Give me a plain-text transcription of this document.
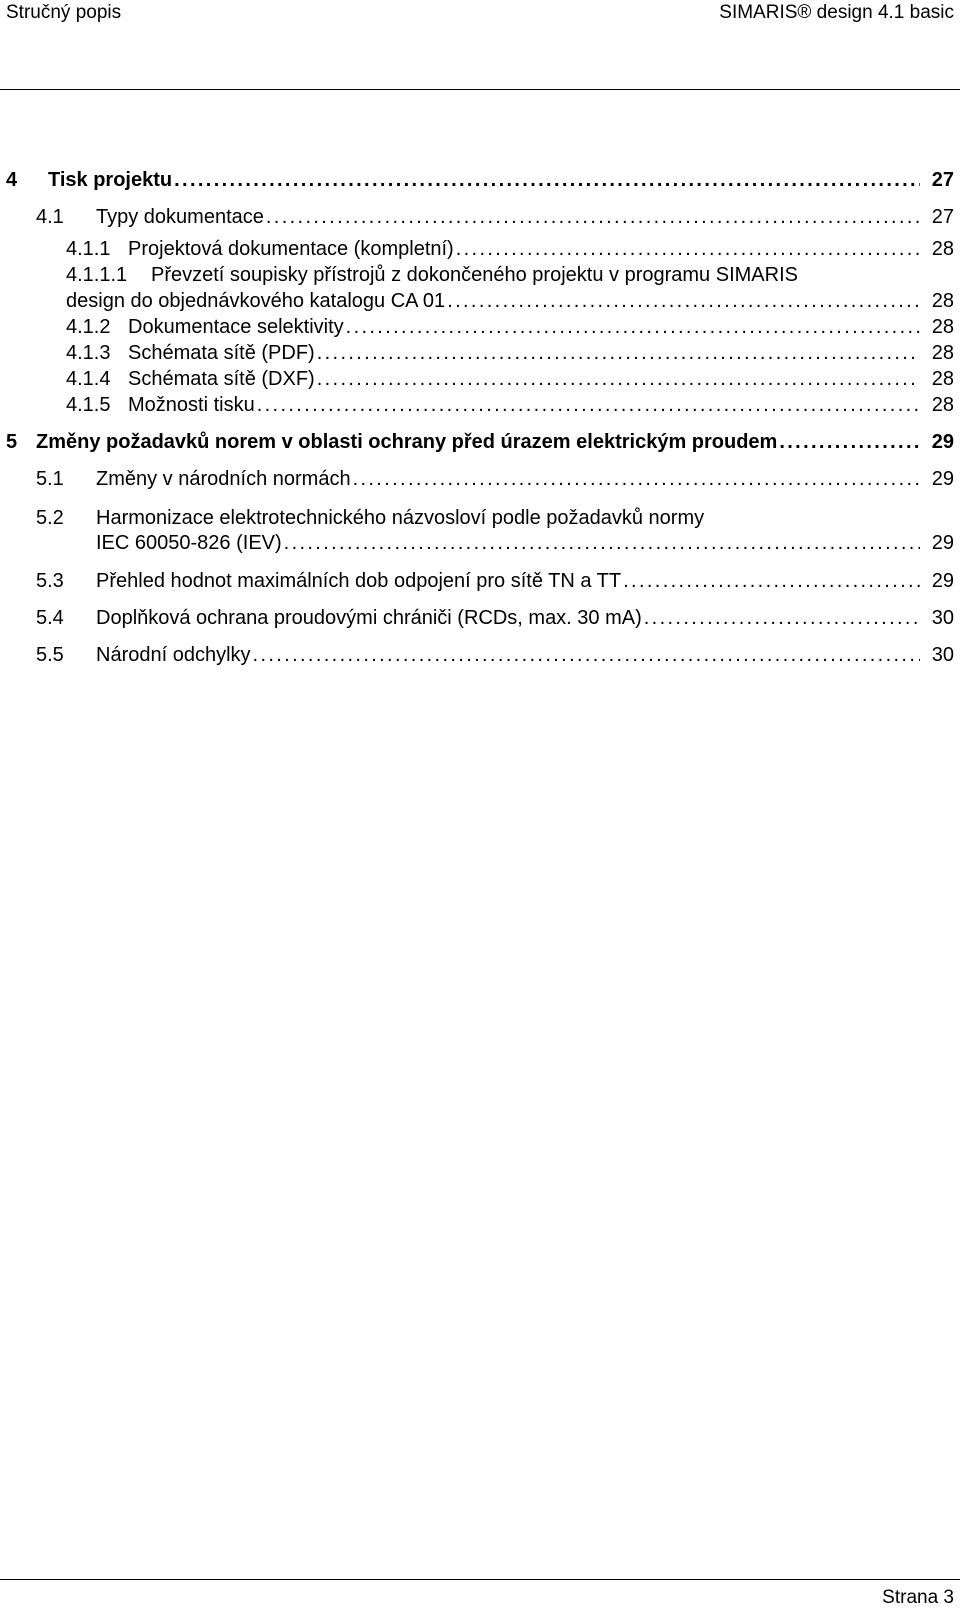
Stručný popis	SIMARIS® design 4.1 basic
4 Tisk projektu . . .	27
4.1 Typy dokumentace . . .	27
4.1.1 Projektová dokumentace (kompletní) . . .	28
4.1.1.1 Převzetí soupisky přístrojů z dokončeného projektu v programu SIMARIS
design do objednávkového katalogu CA 01 . . .	28
4.1.2 Dokumentace selektivity . . .	28
4.1.3 Schémata sítě (PDF) . . .	28
4.1.4 Schémata sítě (DXF) . . .	28
4.1.5 Možnosti tisku . . .	28
5 Změny požadavků norem v oblasti ochrany před úrazem elektrickým proudem . . .	29
5.1 Změny v národních normách . . .	29
5.2 Harmonizace elektrotechnického názvosloví podle požadavků normy
IEC 60050-826 (IEV) . . .	29
5.3 Přehled hodnot maximálních dob odpojení pro sítě TN a TT . . .	29
5.4 Doplňková ochrana proudovými chrániči (RCDs, max. 30 mA) . . .	30
5.5 Národní odchylky . . .	30
Strana 3
